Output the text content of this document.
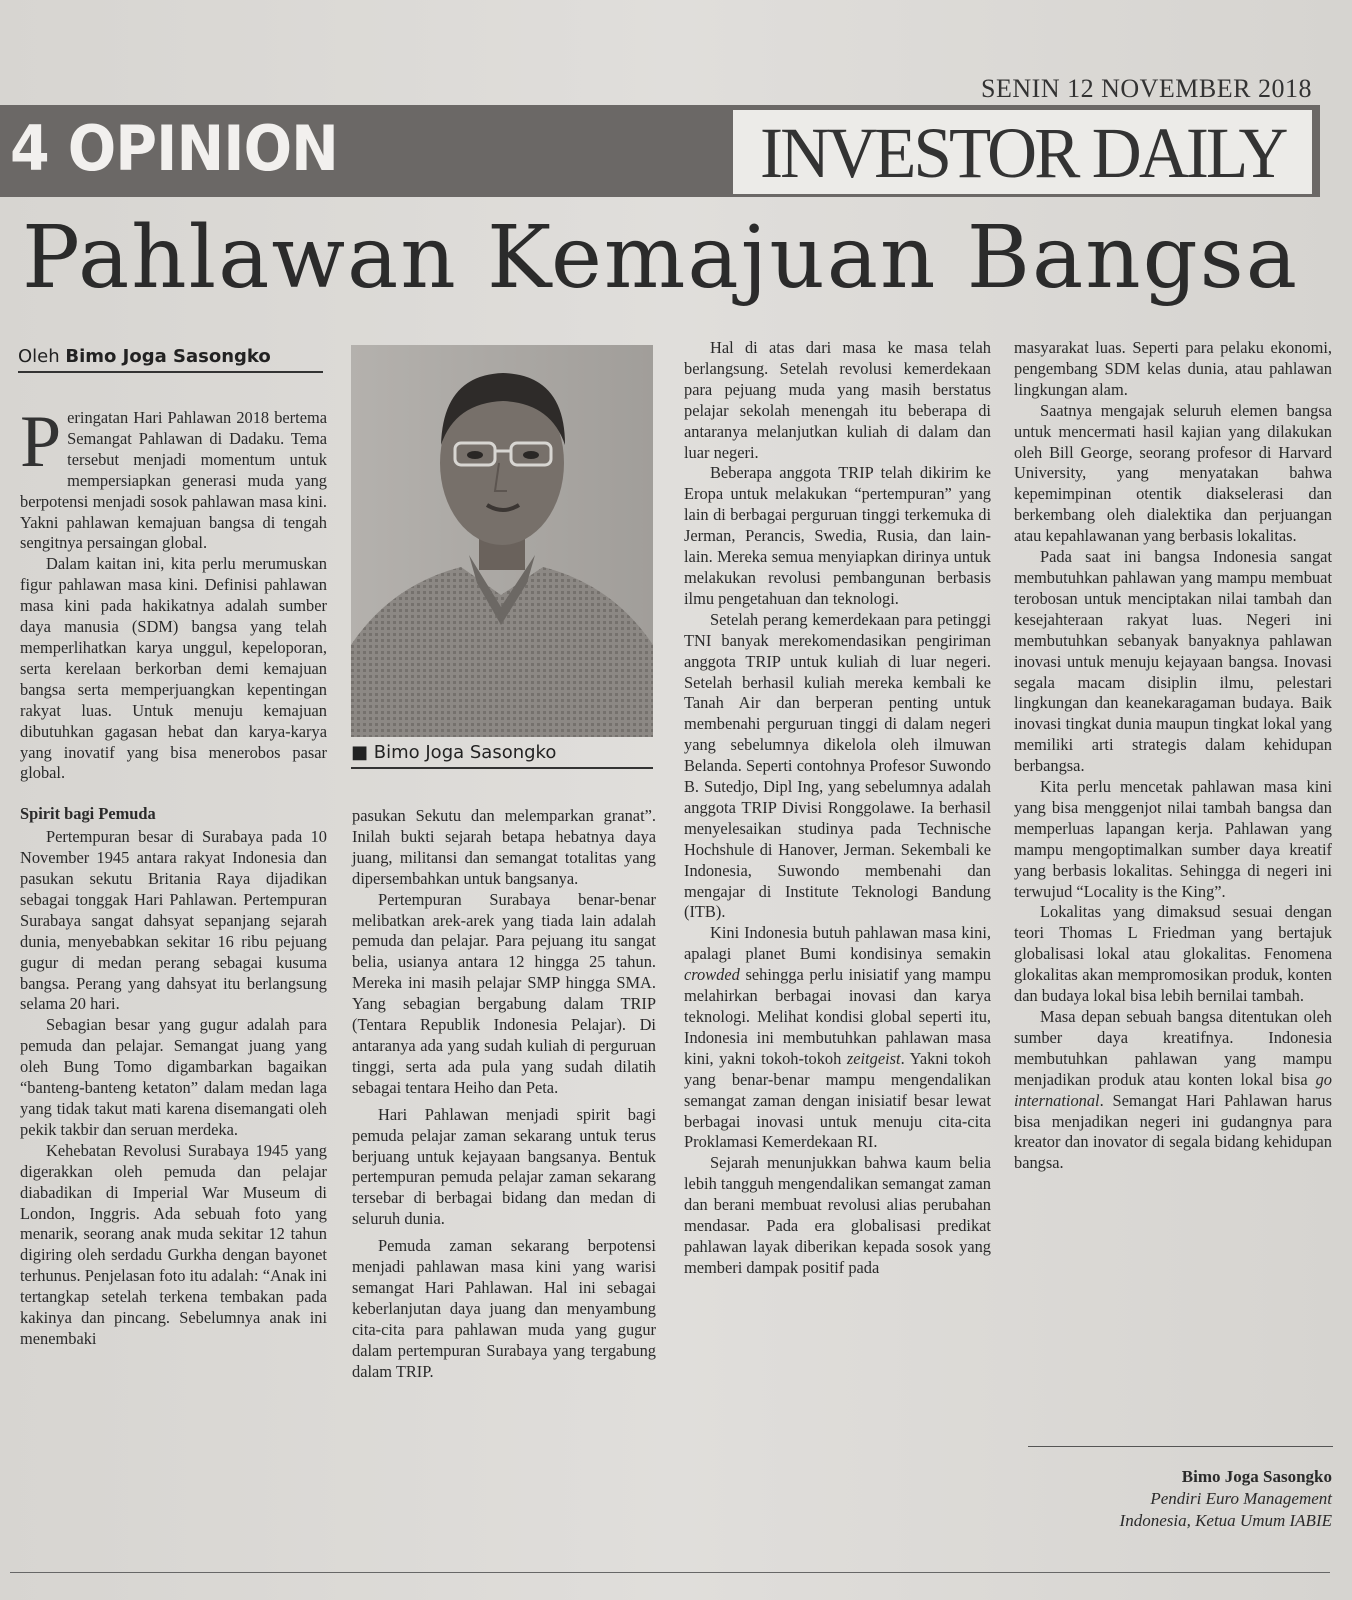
SENIN 12 NOVEMBER 2018
4 OPINION	INVESTOR DAILY
Pahlawan Kemajuan Bangsa
Oleh Bimo Joga Sasongko

Peringatan Hari Pahlawan 2018 bertema Semangat Pahlawan di Dadaku. Tema tersebut menjadi momentum untuk mempersiapkan generasi muda yang berpotensi menjadi sosok pahlawan masa kini. Yakni pahlawan kemajuan bangsa di tengah sengitnya persaingan global.

Dalam kaitan ini, kita perlu merumuskan figur pahlawan masa kini. Definisi pahlawan masa kini pada hakikatnya adalah sumber daya manusia (SDM) bangsa yang telah memperlihatkan karya unggul, kepeloporan, serta kerelaan berkorban demi kemajuan bangsa serta memperjuangkan kepentingan rakyat luas. Untuk menuju kemajuan dibutuhkan gagasan hebat dan karya-karya yang inovatif yang bisa menerobos pasar global.

Spirit bagi Pemuda

Pertempuran besar di Surabaya pada 10 November 1945 antara rakyat Indonesia dan pasukan sekutu Britania Raya dijadikan sebagai tonggak Hari Pahlawan. Pertempuran Surabaya sangat dahsyat sepanjang sejarah dunia, menyebabkan sekitar 16 ribu pejuang gugur di medan perang sebagai kusuma bangsa. Perang yang dahsyat itu berlangsung selama 20 hari.

Sebagian besar yang gugur adalah para pemuda dan pelajar. Semangat juang yang oleh Bung Tomo digambarkan bagaikan “banteng-banteng ketaton” dalam medan laga yang tidak takut mati karena disemangati oleh pekik takbir dan seruan merdeka.

Kehebatan Revolusi Surabaya 1945 yang digerakkan oleh pemuda dan pelajar diabadikan di Imperial War Museum di London, Inggris. Ada sebuah foto yang menarik, seorang anak muda sekitar 12 tahun digiring oleh serdadu Gurkha dengan bayonet terhunus. Penjelasan foto itu adalah: “Anak ini tertangkap setelah terkena tembakan pada kakinya dan pincang. Sebelumnya anak ini menembaki

■ Bimo Joga Sasongko

pasukan Sekutu dan melemparkan granat”. Inilah bukti sejarah betapa hebatnya daya juang, militansi dan semangat totalitas yang dipersembahkan untuk bangsanya.

Pertempuran Surabaya benar-benar melibatkan arek-arek yang tiada lain adalah pemuda dan pelajar. Para pejuang itu sangat belia, usianya antara 12 hingga 25 tahun. Mereka ini masih pelajar SMP hingga SMA. Yang sebagian bergabung dalam TRIP (Tentara Republik Indonesia Pelajar). Di antaranya ada yang sudah kuliah di perguruan tinggi, serta ada pula yang sudah dilatih sebagai tentara Heiho dan Peta.

Hari Pahlawan menjadi spirit bagi pemuda pelajar zaman sekarang untuk terus berjuang untuk kejayaan bangsanya. Bentuk pertempuran pemuda pelajar zaman sekarang tersebar di berbagai bidang dan medan di seluruh dunia.

Pemuda zaman sekarang berpotensi menjadi pahlawan masa kini yang warisi semangat Hari Pahlawan. Hal ini sebagai keberlanjutan daya juang dan menyambung cita-cita para pahlawan muda yang gugur dalam pertempuran Surabaya yang tergabung dalam TRIP.

Hal di atas dari masa ke masa telah berlangsung. Setelah revolusi kemerdekaan para pejuang muda yang masih berstatus pelajar sekolah menengah itu beberapa di antaranya melanjutkan kuliah di dalam dan luar negeri.

Beberapa anggota TRIP telah dikirim ke Eropa untuk melakukan “pertempuran” yang lain di berbagai perguruan tinggi terkemuka di Jerman, Perancis, Swedia, Rusia, dan lain-lain. Mereka semua menyiapkan dirinya untuk melakukan revolusi pembangunan berbasis ilmu pengetahuan dan teknologi.

Setelah perang kemerdekaan para petinggi TNI banyak merekomendasikan pengiriman anggota TRIP untuk kuliah di luar negeri. Setelah berhasil kuliah mereka kembali ke Tanah Air dan berperan penting untuk membenahi perguruan tinggi di dalam negeri yang sebelumnya dikelola oleh ilmuwan Belanda. Seperti contohnya Profesor Suwondo B. Sutedjo, Dipl Ing, yang sebelumnya adalah anggota TRIP Divisi Ronggolawe. Ia berhasil menyelesaikan studinya pada Technische Hochshule di Hanover, Jerman. Sekembali ke Indonesia, Suwondo membenahi dan mengajar di Institute Teknologi Bandung (ITB).

Kini Indonesia butuh pahlawan masa kini, apalagi planet Bumi kondisinya semakin crowded sehingga perlu inisiatif yang mampu melahirkan berbagai inovasi dan karya teknologi. Melihat kondisi global seperti itu, Indonesia ini membutuhkan pahlawan masa kini, yakni tokoh-tokoh zeitgeist. Yakni tokoh yang benar-benar mampu mengendalikan semangat zaman dengan inisiatif besar lewat berbagai inovasi untuk menuju cita-cita Proklamasi Kemerdekaan RI.

Sejarah menunjukkan bahwa kaum belia lebih tangguh mengendalikan semangat zaman dan berani membuat revolusi alias perubahan mendasar. Pada era globalisasi predikat pahlawan layak diberikan kepada sosok yang memberi dampak positif pada

masyarakat luas. Seperti para pelaku ekonomi, pengembang SDM kelas dunia, atau pahlawan lingkungan alam.

Saatnya mengajak seluruh elemen bangsa untuk mencermati hasil kajian yang dilakukan oleh Bill George, seorang profesor di Harvard University, yang menyatakan bahwa kepemimpinan otentik diakselerasi dan berkembang oleh dialektika dan perjuangan atau kepahlawanan yang berbasis lokalitas.

Pada saat ini bangsa Indonesia sangat membutuhkan pahlawan yang mampu membuat terobosan untuk menciptakan nilai tambah dan kesejahteraan rakyat luas. Negeri ini membutuhkan sebanyak banyaknya pahlawan inovasi untuk menuju kejayaan bangsa. Inovasi segala macam disiplin ilmu, pelestari lingkungan dan keanekaragaman budaya. Baik inovasi tingkat dunia maupun tingkat lokal yang memiliki arti strategis dalam kehidupan berbangsa.

Kita perlu mencetak pahlawan masa kini yang bisa menggenjot nilai tambah bangsa dan memperluas lapangan kerja. Pahlawan yang mampu mengoptimalkan sumber daya kreatif yang berbasis lokalitas. Sehingga di negeri ini terwujud “Locality is the King”.

Lokalitas yang dimaksud sesuai dengan teori Thomas L Friedman yang bertajuk globalisasi lokal atau glokalitas. Fenomena glokalitas akan mempromosikan produk, konten dan budaya lokal bisa lebih bernilai tambah.

Masa depan sebuah bangsa ditentukan oleh sumber daya kreatifnya. Indonesia membutuhkan pahlawan yang mampu menjadikan produk atau konten lokal bisa go international. Semangat Hari Pahlawan harus bisa menjadikan negeri ini gudangnya para kreator dan inovator di segala bidang kehidupan bangsa.

Bimo Joga Sasongko
Pendiri Euro Management
Indonesia, Ketua Umum IABIE
